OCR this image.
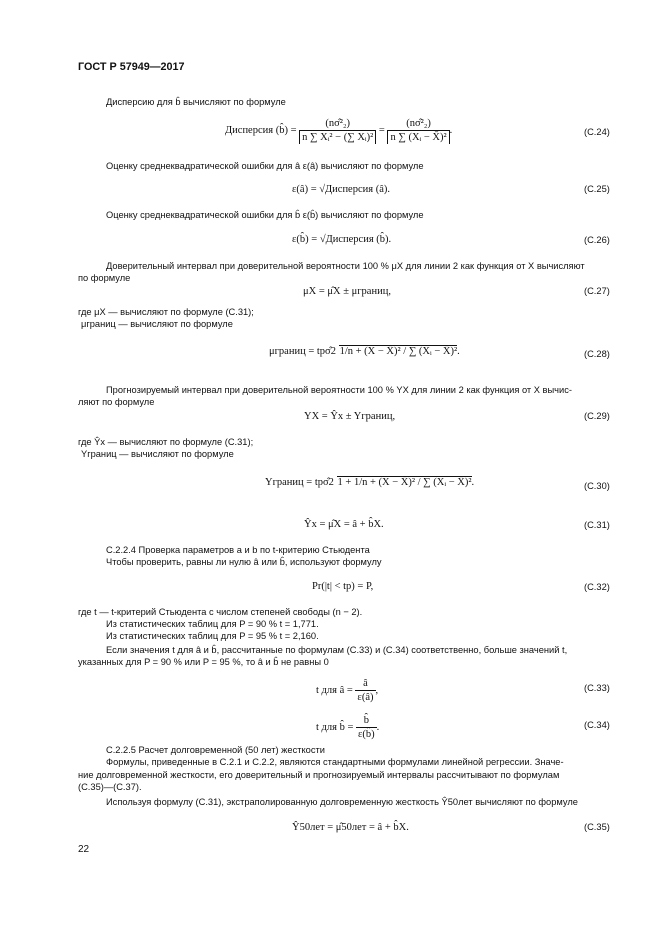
ГОСТ Р 57949—2017
Дисперсию для b̂ вычисляют по формуле
Дисперсия (b̂) = $\frac{\text{(nσ̂²₂)}}{\text{n ∑ Xᵢ² − (∑ Xᵢ)²}} = \frac{\text{(nσ̂²₂)}}{\text{n ∑ (Xᵢ − X̄)²}}$ .	(С.24)
Оценку среднеквадратической ошибки для â ε(â) вычисляют по формуле
ε(â) = √Дисперсия (â).	(С.25)
Оценку среднеквадратической ошибки для b̂ ε(b̂) вычисляют по формуле
ε(b̂) = √Дисперсия (b̂).	(С.26)
Доверительный интервал при доверительной вероятности 100 % μX для линии 2 как функция от X вычисляют
по формуле
μX = μ̂X ± μграниц,	(С.27)
где μX — вычисляют по формуле (С.31);
μграниц — вычисляют по формуле
μграниц = tpσ̂2 1/n + (X − X̄)² / ∑ (Xᵢ − X̄)².	(С.28)
Прогнозируемый интервал при доверительной вероятности 100 % YX для линии 2 как функция от X вычис-
ляют по формуле
YX = Ŷx ± Yграниц,	(С.29)
где Ŷx — вычисляют по формуле (С.31);
Yграниц — вычисляют по формуле
Yграниц = tpσ̂2 1 + 1/n + (X − X̄)² / ∑ (Xᵢ − X̄)².	(С.30)
Ŷx = μ̂X = â + b̂X.	(С.31)
С.2.2.4 Проверка параметров a и b по t-критерию Стьюдента
Чтобы проверить, равны ли нулю â или b̂, используют формулу
Pr(|t| < tp) = P,	(С.32)
где t — t-критерий Стьюдента с числом степеней свободы (n − 2).
Из статистических таблиц для P = 90 % t = 1,771.
Из статистических таблиц для P = 95 % t = 2,160.
Если значения t для â и b̂, рассчитанные по формулам (С.33) и (С.34) соответственно, больше значений t,
указанных для P = 90 % или P = 95 %, то â и b̂ не равны 0
t для â = $\frac{â}{\varepsilon(â)}$ ,	(С.33)
t для b̂ = $\frac{b̂}{\varepsilon(b̂)}$ .	(С.34)
С.2.2.5 Расчет долговременной (50 лет) жесткости
Формулы, приведенные в С.2.1 и С.2.2, являются стандартными формулами линейной регрессии. Значе-
ние долговременной жесткости, его доверительный и прогнозируемый интервалы рассчитывают по формулам
(С.35)—(С.37).
Используя формулу (С.31), экстраполированную долговременную жесткость Ŷ50лет вычисляют по формуле
Ŷ50лет = μ̂50лет = â + b̂X.	(С.35)
22
